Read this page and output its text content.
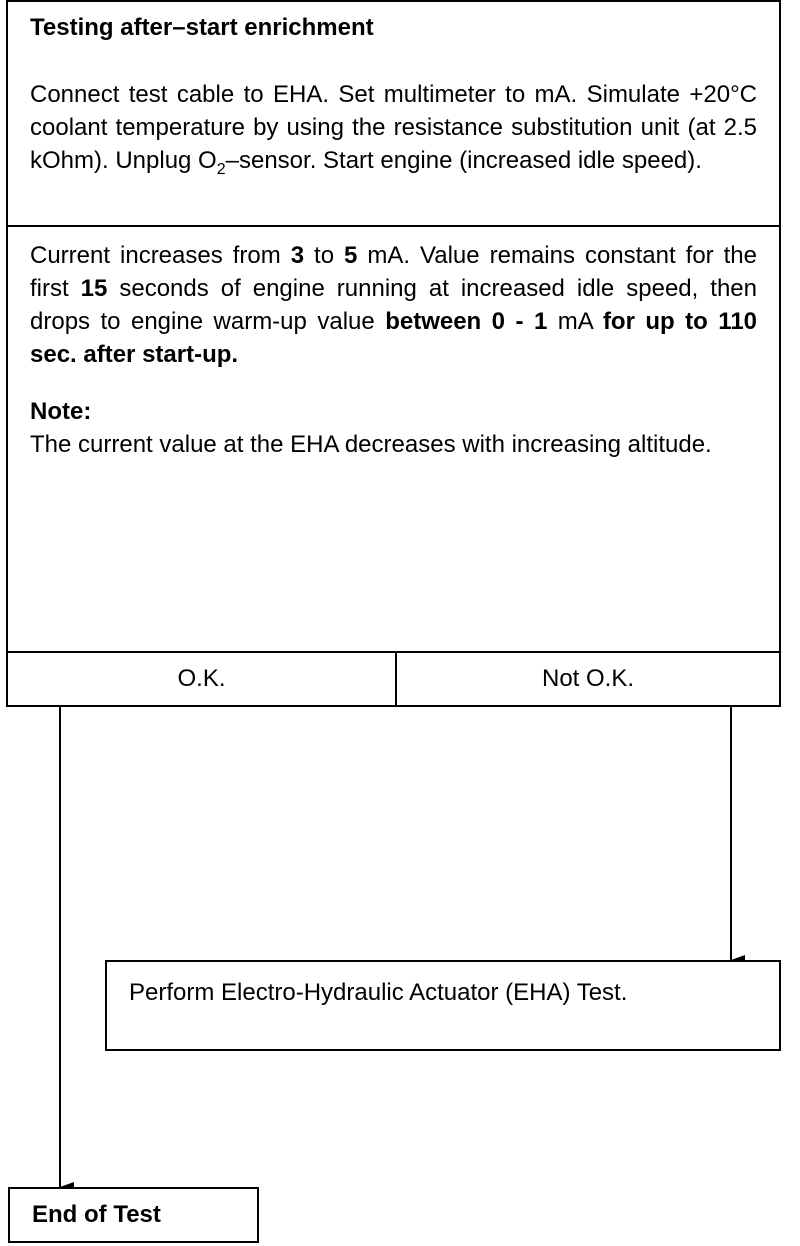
Testing after–start enrichment
Connect test cable to EHA. Set multimeter to mA. Simulate +20°C coolant temperature by using the resistance substitution unit (at 2.5 kOhm). Unplug $O_2$–sensor. Start engine (increased idle speed).
Current increases from 3 to 5 mA. Value remains constant for the first 15 seconds of engine running at increased idle speed, then drops to engine warm-up value between 0 - 1 mA for up to 110 sec. after start-up.
Note:
The current value at the EHA decreases with increasing altitude.
O.K.	Not O.K.
Perform Electro-Hydraulic Actuator (EHA) Test.
End of Test
